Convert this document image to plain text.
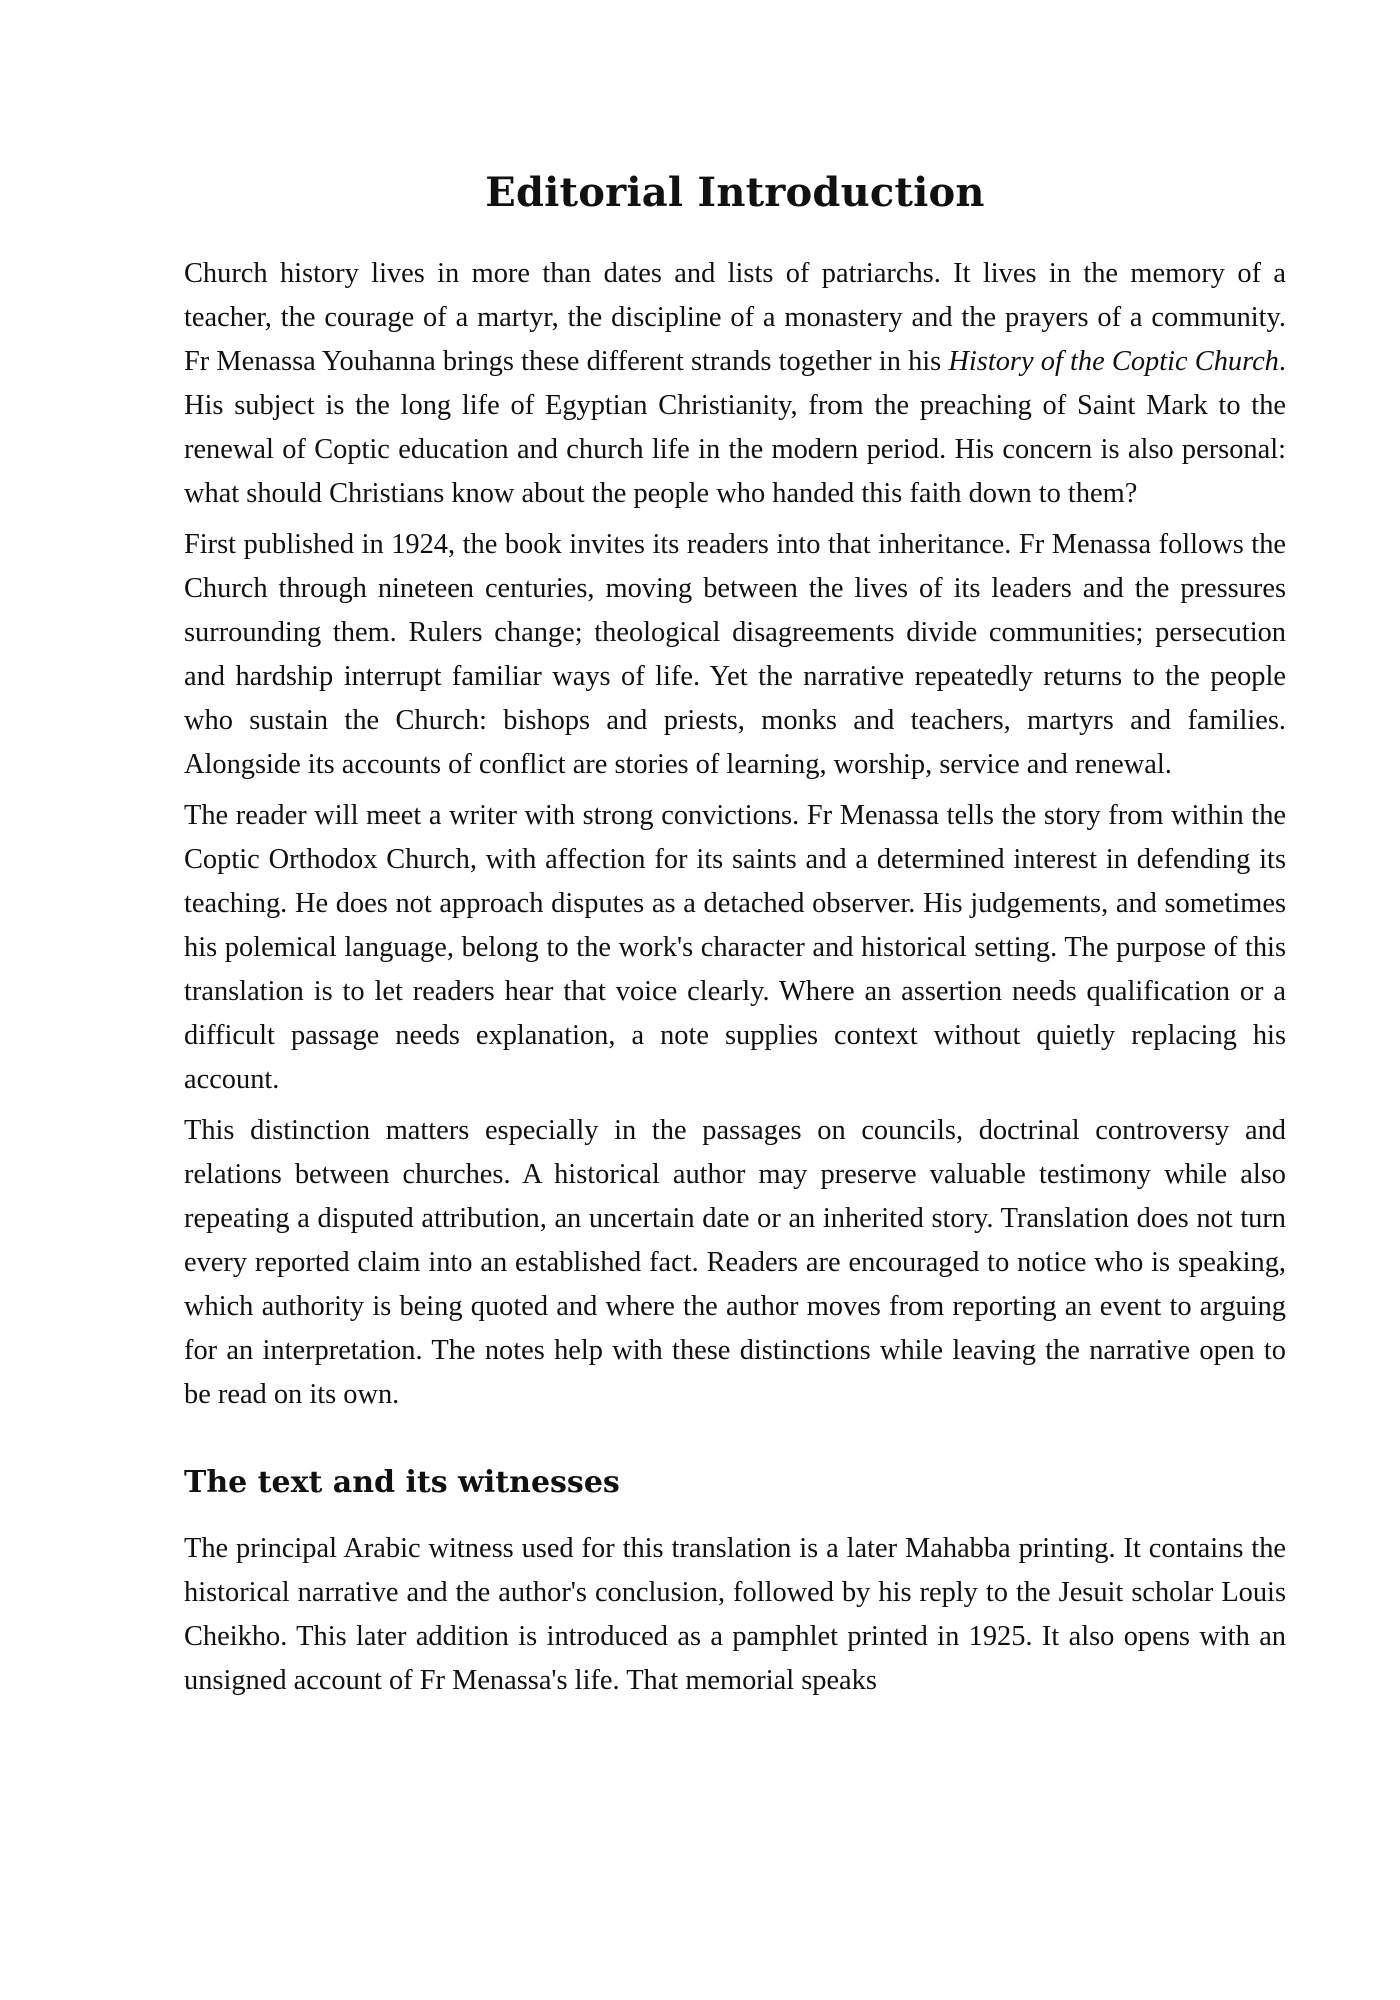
Editorial Introduction

Church history lives in more than dates and lists of patriarchs. It lives in the memory of a teacher, the courage of a martyr, the discipline of a monastery and the prayers of a community. Fr Menassa Youhanna brings these different strands together in his History of the Coptic Church. His subject is the long life of Egyptian Christianity, from the preaching of Saint Mark to the renewal of Coptic education and church life in the modern period. His concern is also personal: what should Christians know about the people who handed this faith down to them?

First published in 1924, the book invites its readers into that inheritance. Fr Menassa follows the Church through nineteen centuries, moving between the lives of its leaders and the pressures surrounding them. Rulers change; theological disagreements divide communities; persecution and hardship interrupt familiar ways of life. Yet the narrative repeatedly returns to the people who sustain the Church: bishops and priests, monks and teachers, martyrs and families. Alongside its accounts of conflict are stories of learning, worship, service and renewal.

The reader will meet a writer with strong convictions. Fr Menassa tells the story from within the Coptic Orthodox Church, with affection for its saints and a determined interest in defending its teaching. He does not approach disputes as a detached observer. His judgements, and sometimes his polemical language, belong to the work's character and historical setting. The purpose of this translation is to let readers hear that voice clearly. Where an assertion needs qualification or a difficult passage needs explanation, a note supplies context without quietly replacing his account.

This distinction matters especially in the passages on councils, doctrinal controversy and relations between churches. A historical author may preserve valuable testimony while also repeating a disputed attribution, an uncertain date or an inherited story. Translation does not turn every reported claim into an established fact. Readers are encouraged to notice who is speaking, which authority is being quoted and where the author moves from reporting an event to arguing for an interpretation. The notes help with these distinctions while leaving the narrative open to be read on its own.

The text and its witnesses

The principal Arabic witness used for this translation is a later Mahabba printing. It contains the historical narrative and the author's conclusion, followed by his reply to the Jesuit scholar Louis Cheikho. This later addition is introduced as a pamphlet printed in 1925. It also opens with an unsigned account of Fr Menassa's life. That memorial speaks
